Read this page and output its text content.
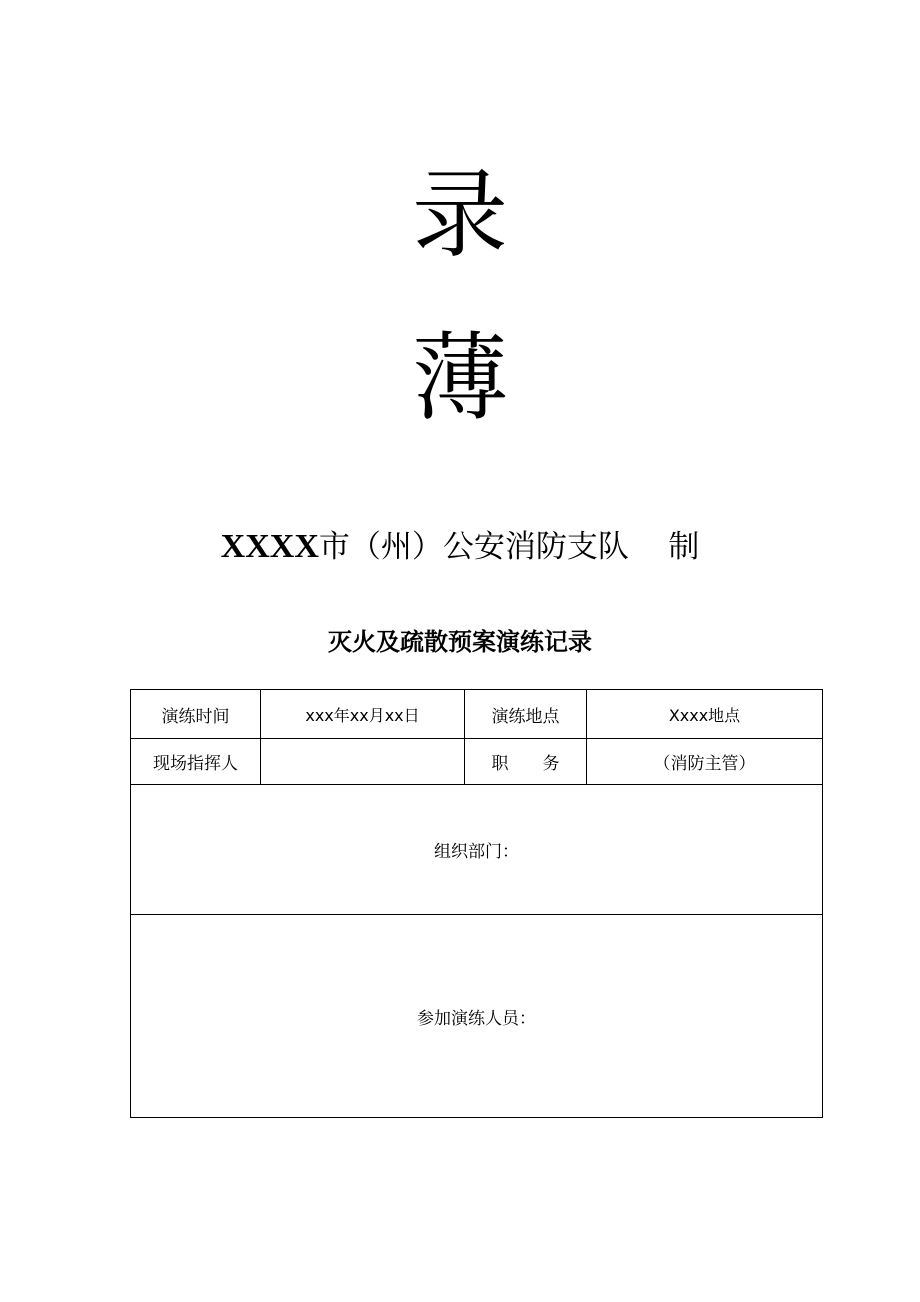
录
薄
XXXX市（州）公安消防支队 制
灭火及疏散预案演练记录
演练时间	xxx年xx月xx日	演练地点	Xxxx地点
现场指挥人		职　　务	（消防主管）
组织部门：			
参加演练人员：			
